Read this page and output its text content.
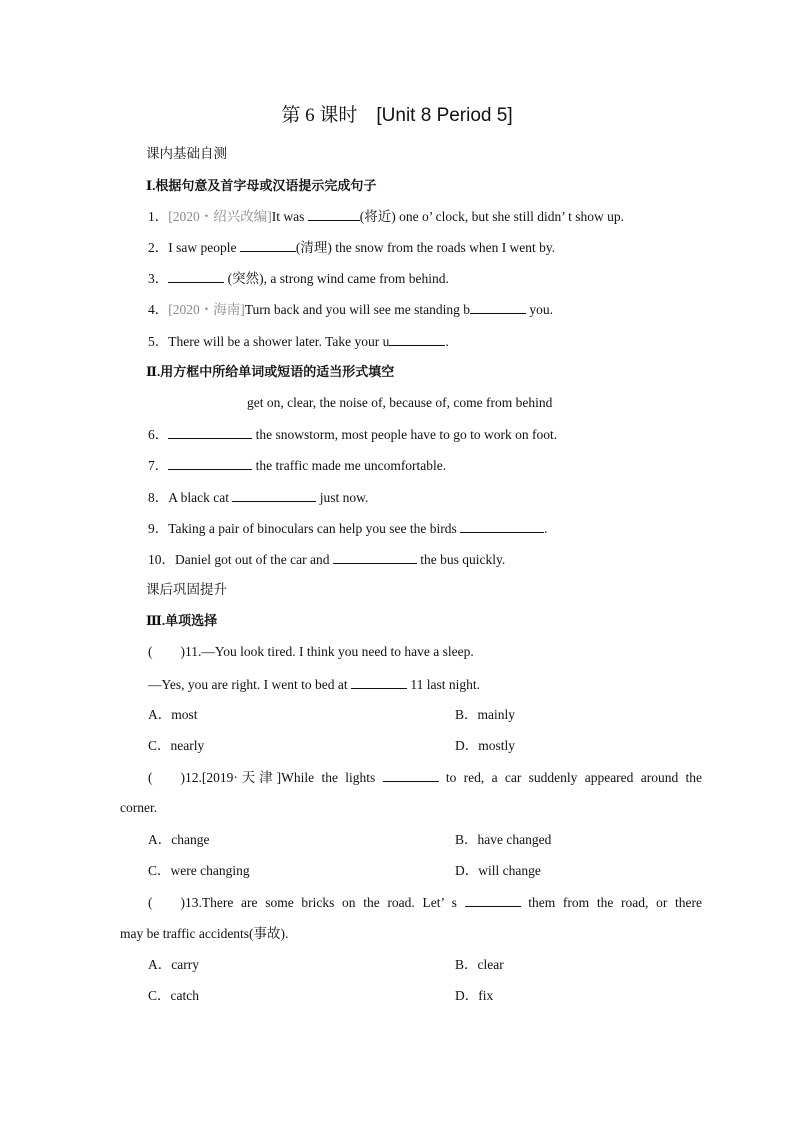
第 6 课时 [Unit 8 Period 5]
课内基础自测
Ⅰ.根据句意及首字母或汉语提示完成句子
1．[2020・绍兴改编]It was	(将近) one o’ clock, but she still didn’ t show up.
2．I saw people	(清理) the snow from the roads when I went by.
3．	(突然), a strong wind came from behind.
4．[2020・海南]Turn back and you will see me standing b	you.
5．There will be a shower later. Take your u	.
Ⅱ.用方框中所给单词或短语的适当形式填空
get on, clear, the noise of, because of, come from behind
6．	the snowstorm, most people have to go to work on foot.
7．	the traffic made me uncomfortable.
8．A black cat	just now.
9．Taking a pair of binoculars can help you see the birds	.
10．Daniel got out of the car and	the bus quickly.
课后巩固提升
Ⅲ.单项选择
( )11.—You look tired. I think you need to have a sleep.
—Yes, you are right. I went to bed at	11 last night.
A．most	B．mainly
C．nearly	D．mostly
( )12.[2019·天津]While the lights	to red, a car suddenly appeared around the
corner.
A．change	B．have changed
C．were changing	D．will change
( )13.There are some bricks on the road. Let’ s	them from the road, or there
may be traffic accidents(事故).
A．carry	B．clear
C．catch	D．fix
